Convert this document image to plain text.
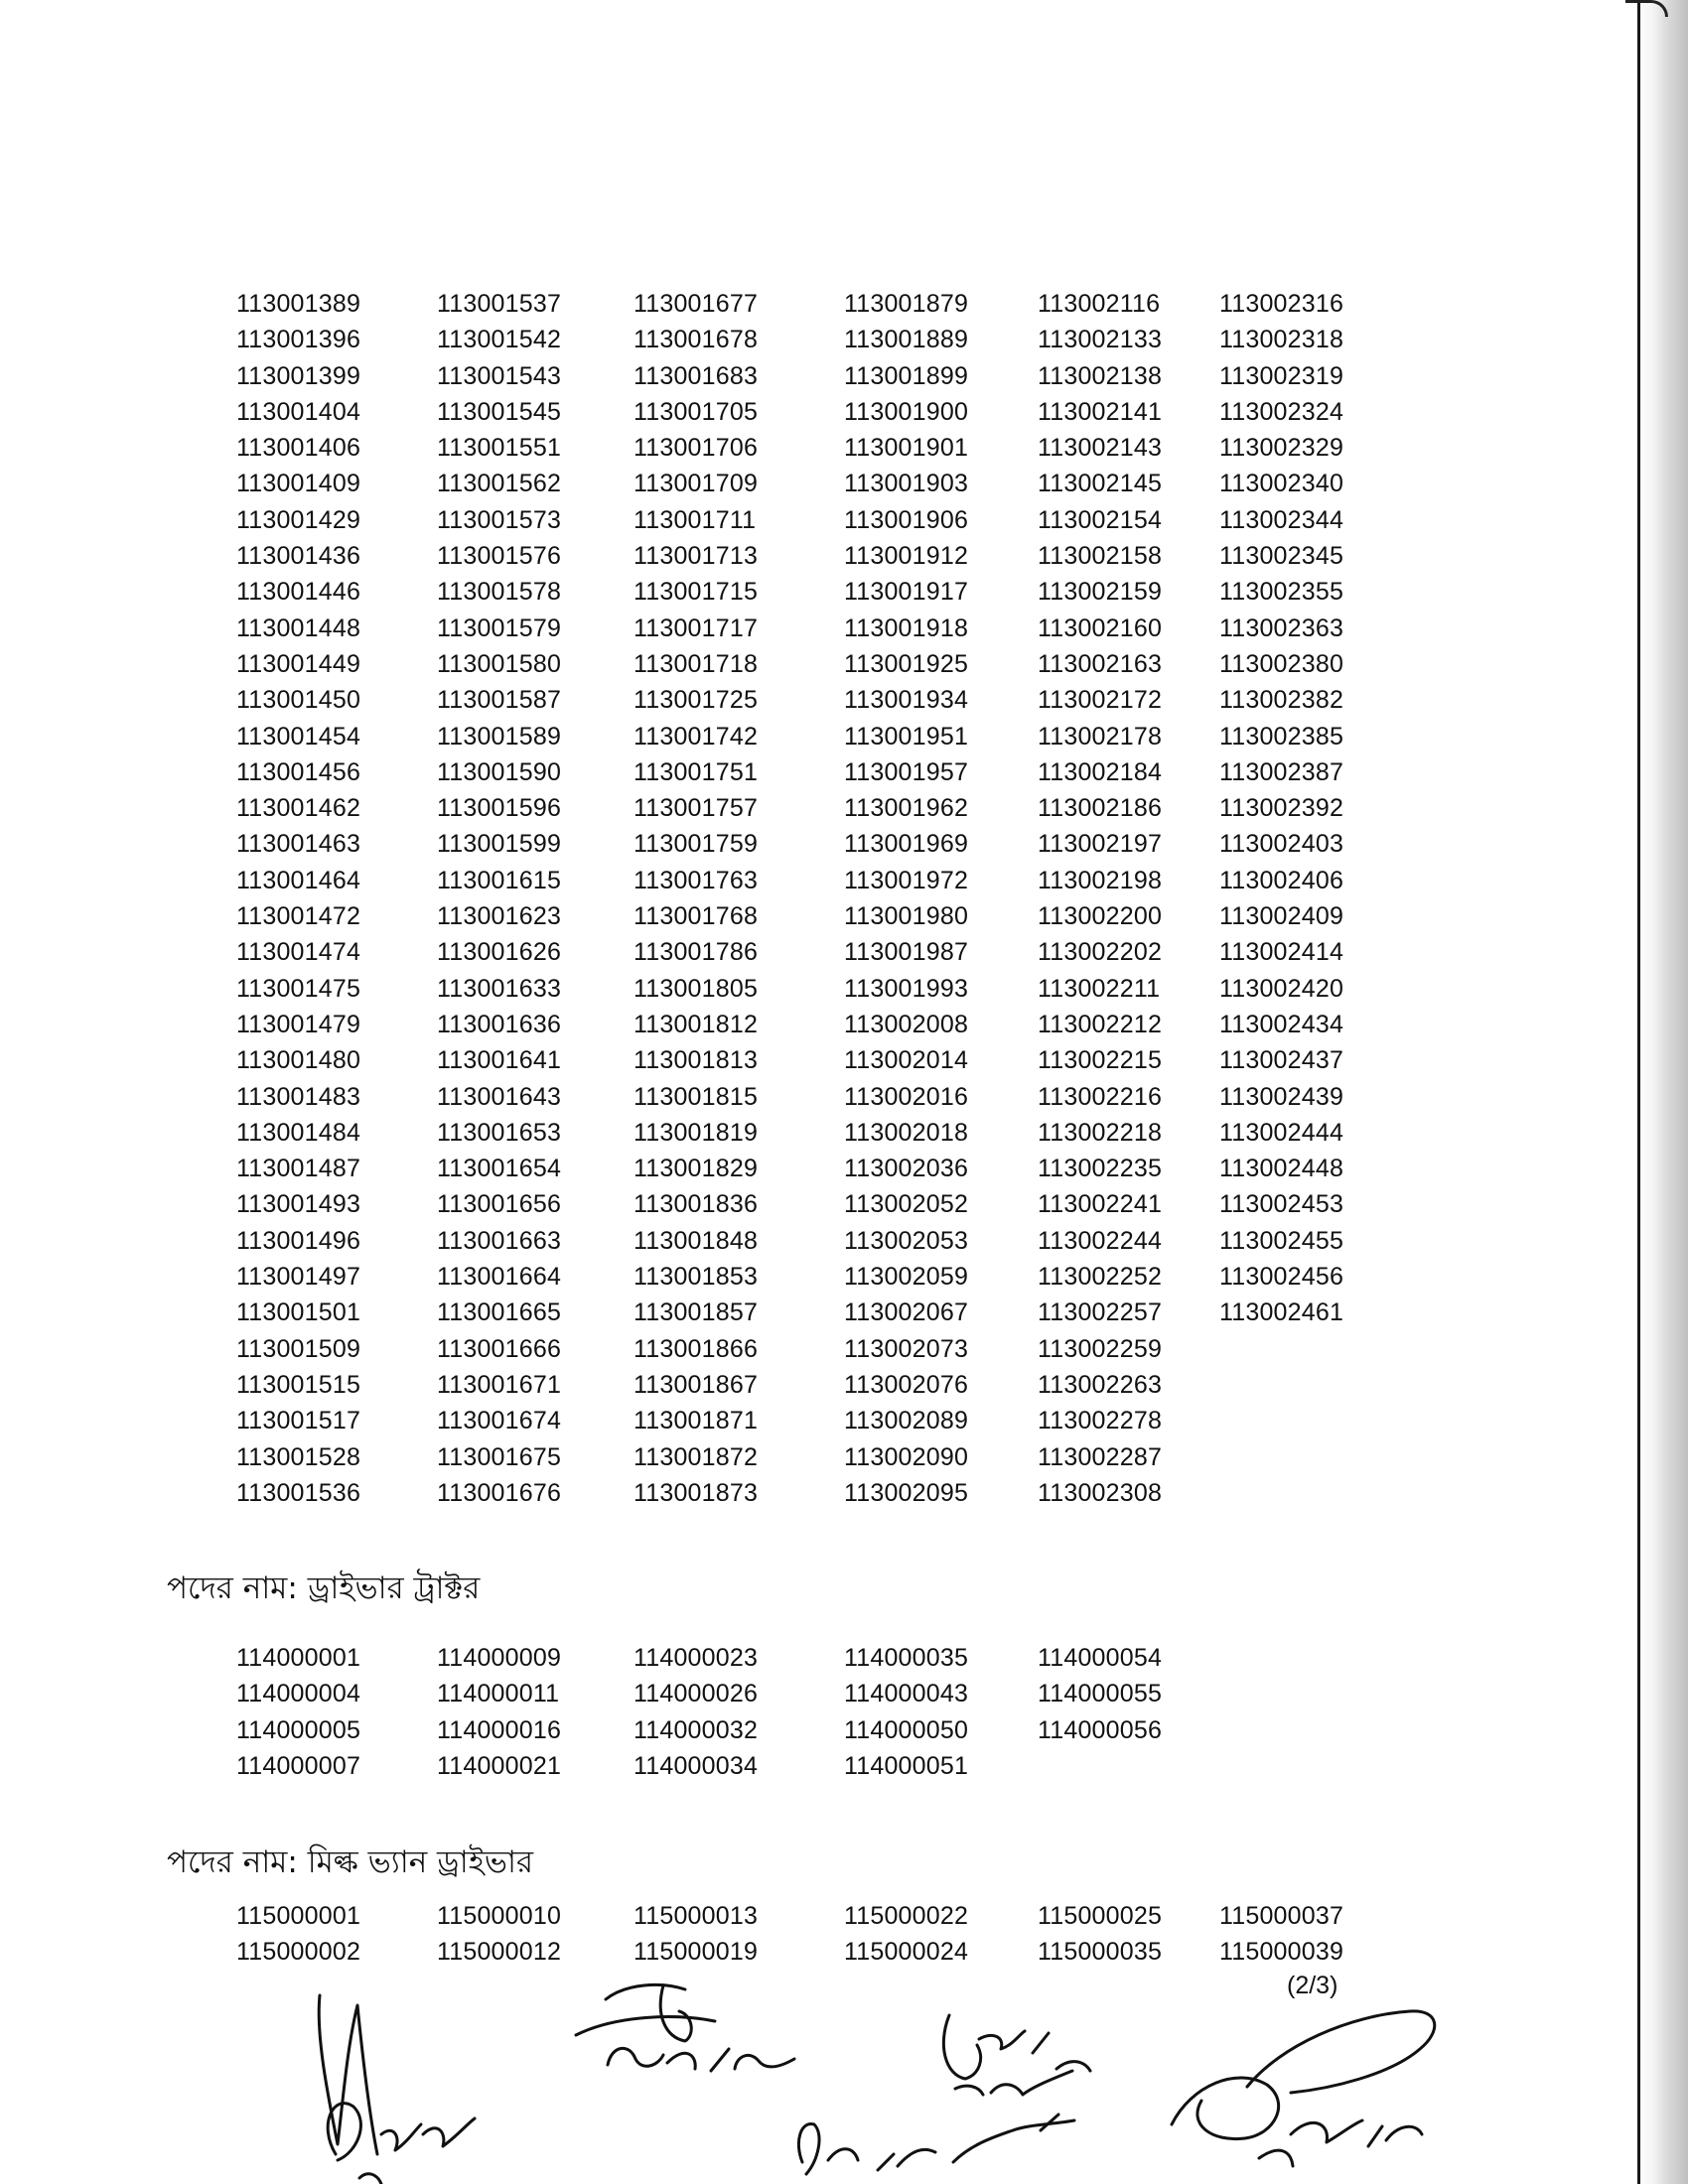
113001389
113001396
113001399
113001404
113001406
113001409
113001429
113001436
113001446
113001448
113001449
113001450
113001454
113001456
113001462
113001463
113001464
113001472
113001474
113001475
113001479
113001480
113001483
113001484
113001487
113001493
113001496
113001497
113001501
113001509
113001515
113001517
113001528
113001536
113001537
113001542
113001543
113001545
113001551
113001562
113001573
113001576
113001578
113001579
113001580
113001587
113001589
113001590
113001596
113001599
113001615
113001623
113001626
113001633
113001636
113001641
113001643
113001653
113001654
113001656
113001663
113001664
113001665
113001666
113001671
113001674
113001675
113001676
113001677
113001678
113001683
113001705
113001706
113001709
113001711
113001713
113001715
113001717
113001718
113001725
113001742
113001751
113001757
113001759
113001763
113001768
113001786
113001805
113001812
113001813
113001815
113001819
113001829
113001836
113001848
113001853
113001857
113001866
113001867
113001871
113001872
113001873
113001879
113001889
113001899
113001900
113001901
113001903
113001906
113001912
113001917
113001918
113001925
113001934
113001951
113001957
113001962
113001969
113001972
113001980
113001987
113001993
113002008
113002014
113002016
113002018
113002036
113002052
113002053
113002059
113002067
113002073
113002076
113002089
113002090
113002095
113002116
113002133
113002138
113002141
113002143
113002145
113002154
113002158
113002159
113002160
113002163
113002172
113002178
113002184
113002186
113002197
113002198
113002200
113002202
113002211
113002212
113002215
113002216
113002218
113002235
113002241
113002244
113002252
113002257
113002259
113002263
113002278
113002287
113002308
113002316
113002318
113002319
113002324
113002329
113002340
113002344
113002345
113002355
113002363
113002380
113002382
113002385
113002387
113002392
113002403
113002406
113002409
113002414
113002420
113002434
113002437
113002439
113002444
113002448
113002453
113002455
113002456
113002461
পদের নাম: ড্রাইভার ট্রাক্টর
114000001
114000004
114000005
114000007
114000009
114000011
114000016
114000021
114000023
114000026
114000032
114000034
114000035
114000043
114000050
114000051
114000054
114000055
114000056
পদের নাম: মিল্ক ভ্যান ড্রাইভার
115000001
115000002
115000010
115000012
115000013
115000019
115000022
115000024
115000025
115000035
115000037
115000039
(2/3)
